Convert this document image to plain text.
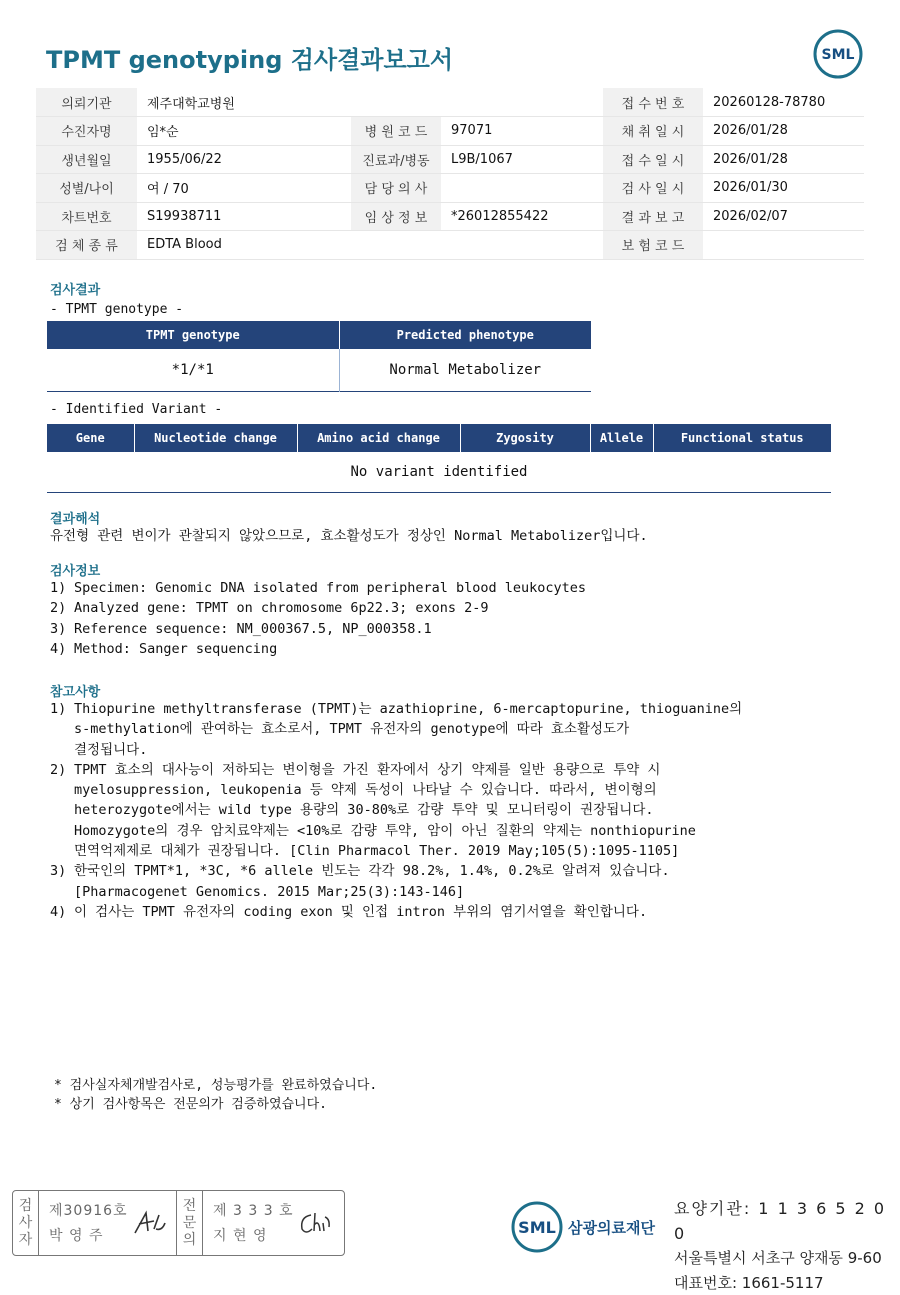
TPMT genotyping 검사결과보고서	SML
의뢰기관	제주대학교병원			접 수 번 호	20260128-78780
수진자명	임*순	병 원 코 드	97071	채 취 일 시	2026/01/28
생년월일	1955/06/22	진료과/병동	L9B/1067	접 수 일 시	2026/01/28
성별/나이	여 / 70	담 당 의 사		검 사 일 시	2026/01/30
차트번호	S19938711	임 상 정 보	*26012855422	결 과 보 고	2026/02/07
검 체 종 류	EDTA Blood			보 험 코 드	
검사결과
- TPMT genotype -
TPMT genotype	Predicted phenotype
*1/*1	Normal Metabolizer
- Identified Variant -
Gene	Nucleotide change	Amino acid change	Zygosity	Allele	Functional status
No variant identified
결과해석
유전형 관련 변이가 관찰되지 않았으므로, 효소활성도가 정상인 Normal Metabolizer입니다.
검사정보
1) Specimen: Genomic DNA isolated from peripheral blood leukocytes
2) Analyzed gene: TPMT on chromosome 6p22.3; exons 2-9
3) Reference sequence: NM_000367.5, NP_000358.1
4) Method: Sanger sequencing
참고사항
1) Thiopurine methyltransferase (TPMT)는 azathioprine, 6-mercaptopurine, thioguanine의
s-methylation에 관여하는 효소로서, TPMT 유전자의 genotype에 따라 효소활성도가
결정됩니다.
2) TPMT 효소의 대사능이 저하되는 변이형을 가진 환자에서 상기 약제를 일반 용량으로 투약 시
myelosuppression, leukopenia 등 약제 독성이 나타날 수 있습니다. 따라서, 변이형의
heterozygote에서는 wild type 용량의 30-80%로 감량 투약 및 모니터링이 권장됩니다.
Homozygote의 경우 암치료약제는 <10%로 감량 투약, 암이 아닌 질환의 약제는 nonthiopurine
면역억제제로 대체가 권장됩니다. [Clin Pharmacol Ther. 2019 May;105(5):1095-1105]
3) 한국인의 TPMT*1, *3C, *6 allele 빈도는 각각 98.2%, 1.4%, 0.2%로 알려져 있습니다.
[Pharmacogenet Genomics. 2015 Mar;25(3):143-146]
4) 이 검사는 TPMT 유전자의 coding exon 및 인접 intron 부위의 염기서열을 확인합니다.
* 검사실자체개발검사로, 성능평가를 완료하였습니다.
* 상기 검사항목은 전문의가 검증하였습니다.
검
사
자
제30916호
박 영 주
전
문
의
제 3 3 3 호
지 현 영	SML 삼광의료재단
요양기관: 1 1 3 6 5 2 0 0
서울특별시 서초구 양재동 9-60
대표번호: 1661-5117
